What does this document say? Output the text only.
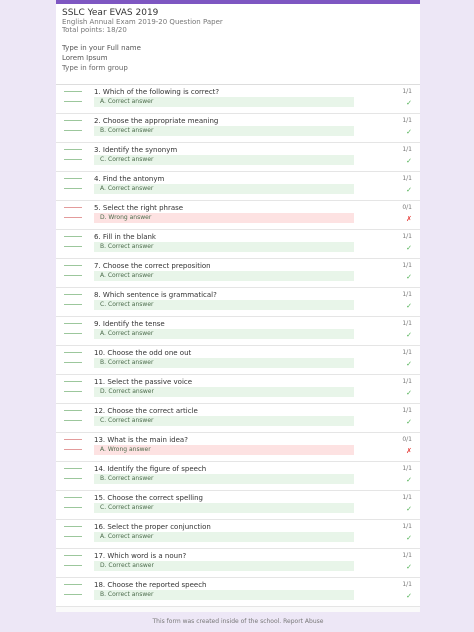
SSLC Year EVAS 2019
English Annual Exam 2019-20 Question Paper
Total points: 18/20
Type in your Full name
Lorem Ipsum
Type in form group
1. Which of the following is correct?	1/1
A. Correct answer	✓
2. Choose the appropriate meaning	1/1
B. Correct answer	✓
3. Identify the synonym	1/1
C. Correct answer	✓
4. Find the antonym	1/1
A. Correct answer	✓
5. Select the right phrase	0/1
D. Wrong answer	✗
6. Fill in the blank	1/1
B. Correct answer	✓
7. Choose the correct preposition	1/1
A. Correct answer	✓
8. Which sentence is grammatical?	1/1
C. Correct answer	✓
9. Identify the tense	1/1
A. Correct answer	✓
10. Choose the odd one out	1/1
B. Correct answer	✓
11. Select the passive voice	1/1
D. Correct answer	✓
12. Choose the correct article	1/1
C. Correct answer	✓
13. What is the main idea?	0/1
A. Wrong answer	✗
14. Identify the figure of speech	1/1
B. Correct answer	✓
15. Choose the correct spelling	1/1
C. Correct answer	✓
16. Select the proper conjunction	1/1
A. Correct answer	✓
17. Which word is a noun?	1/1
D. Correct answer	✓
18. Choose the reported speech	1/1
B. Correct answer	✓
This form was created inside of the school. Report Abuse
